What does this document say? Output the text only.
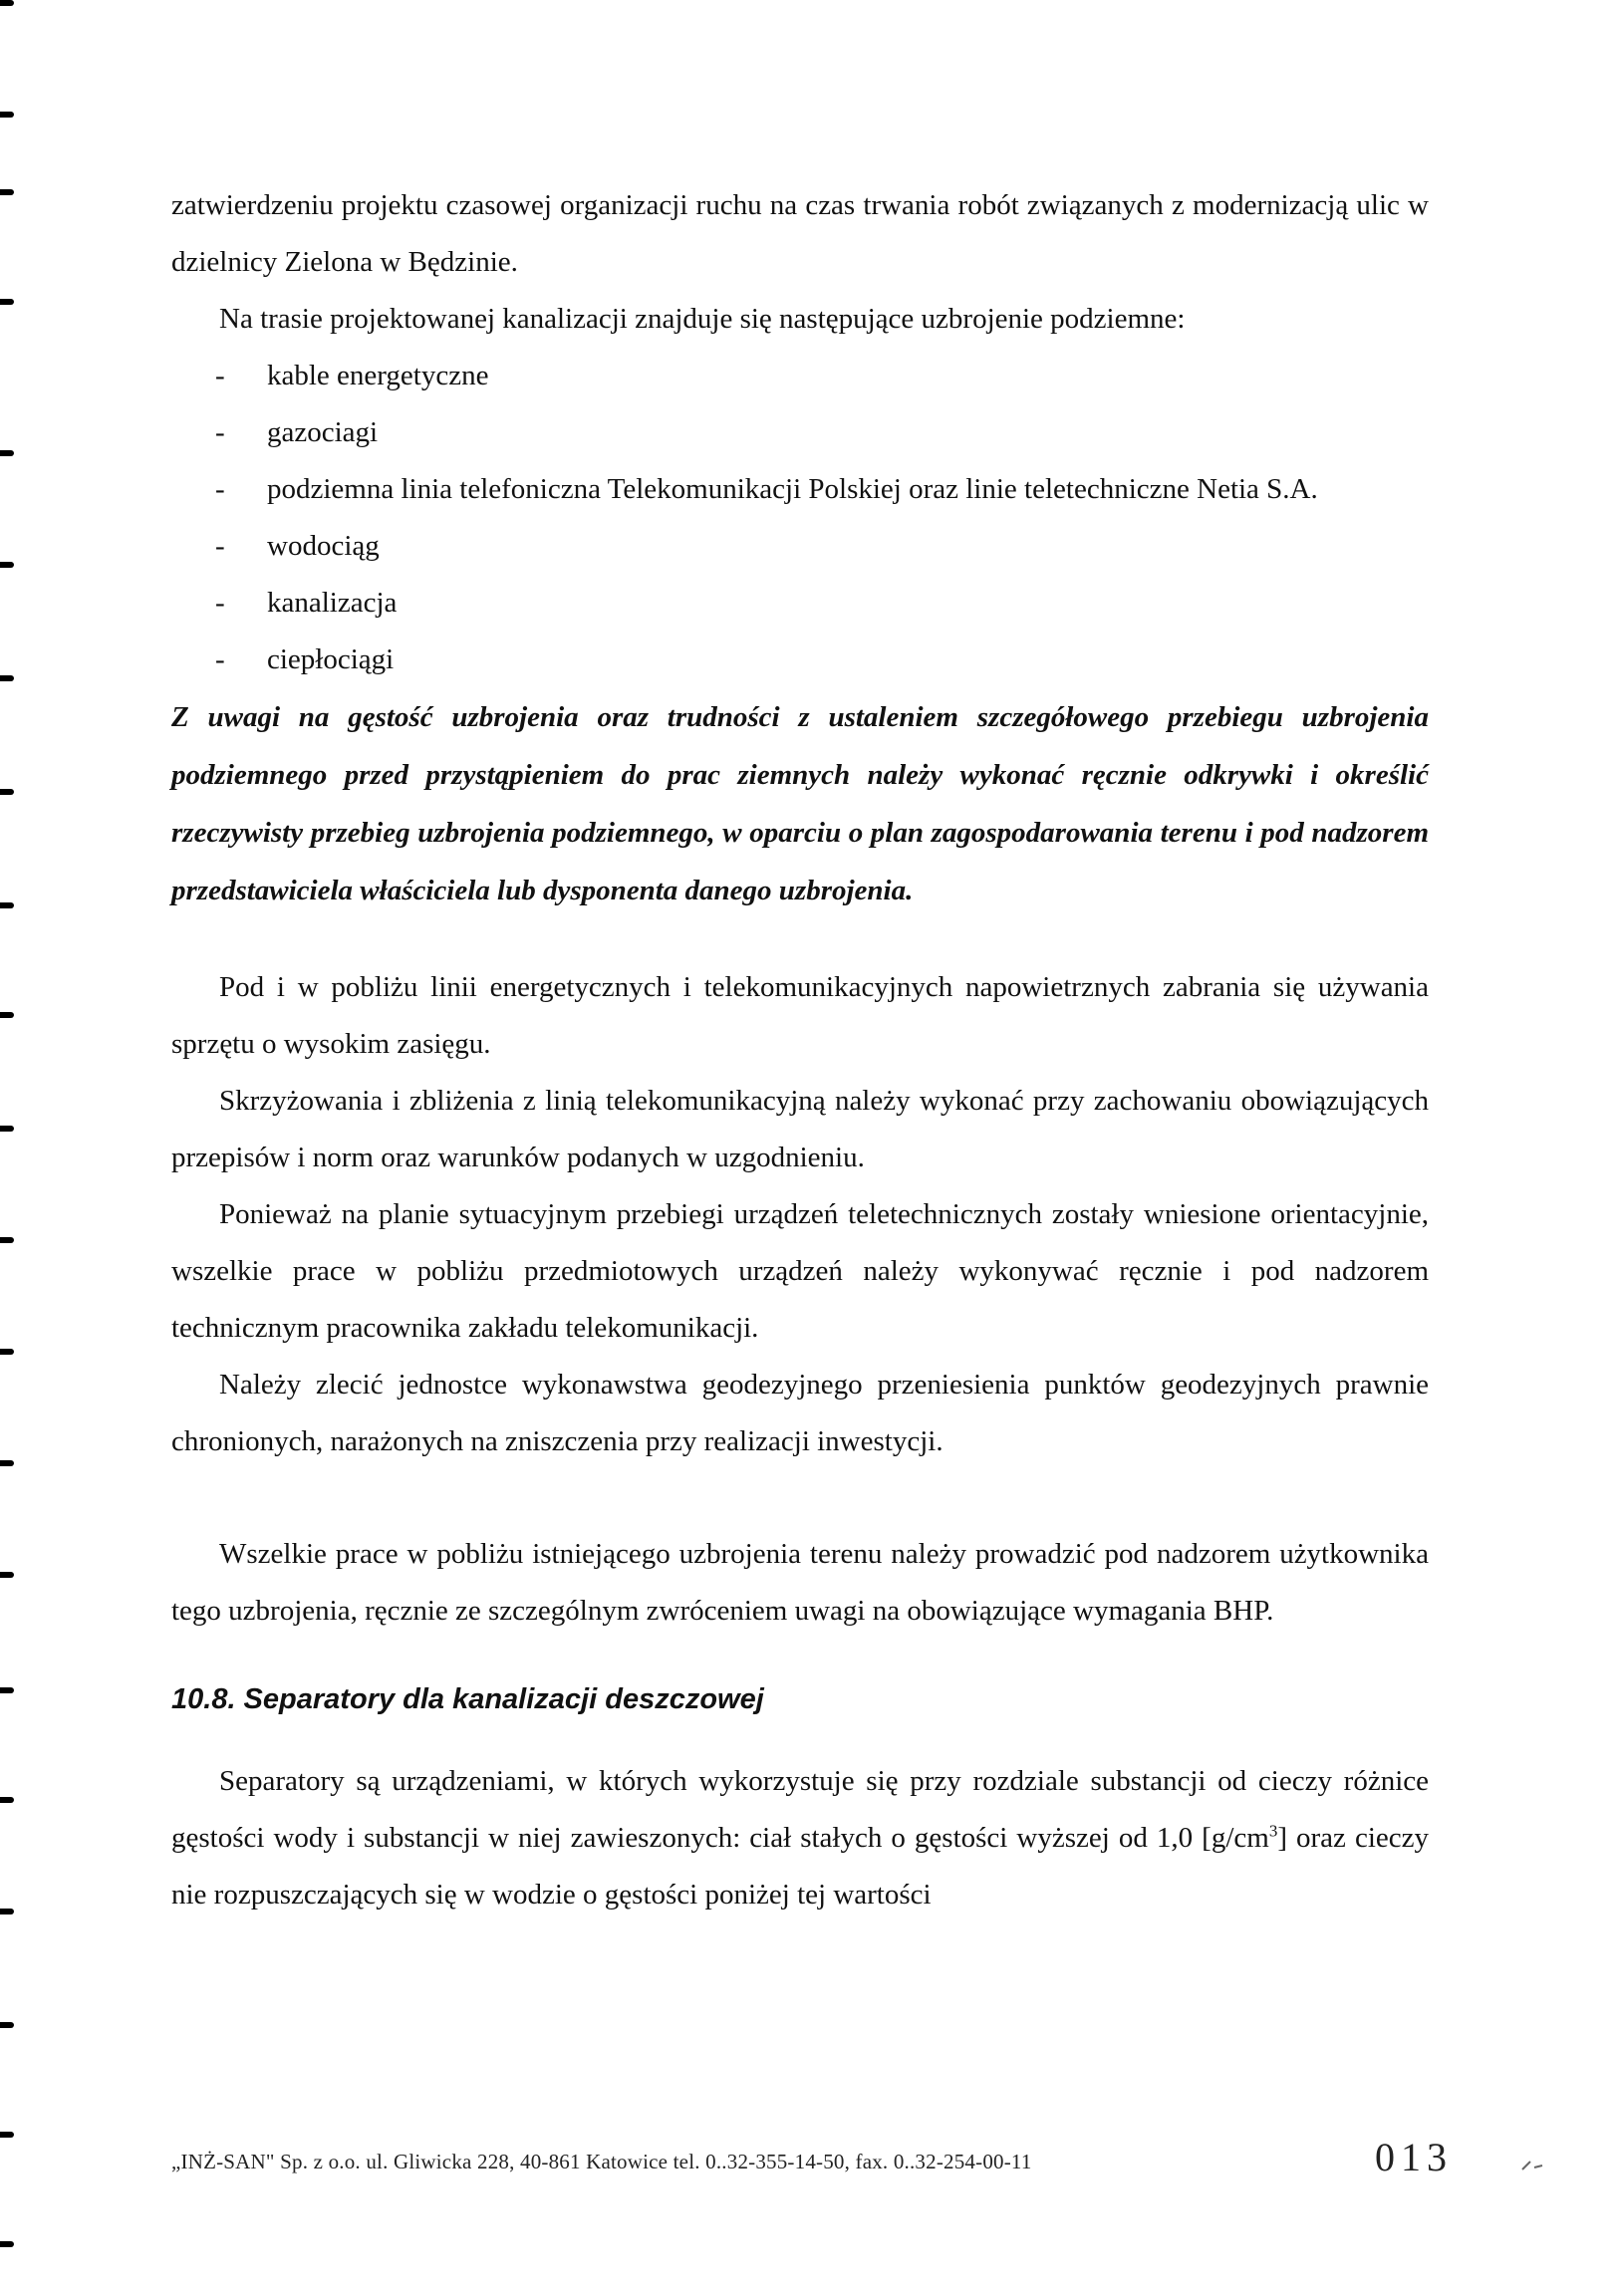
zatwierdzeniu projektu czasowej organizacji ruchu na czas trwania robót związanych z modernizacją ulic w dzielnicy Zielona w Będzinie.

Na trasie projektowanej kanalizacji znajduje się następujące uzbrojenie podziemne:

- kable energetyczne
- gazociagi
- podziemna linia telefoniczna Telekomunikacji Polskiej oraz linie teletechniczne Netia S.A.
- wodociąg
- kanalizacja
- ciepłociągi

Z uwagi na gęstość uzbrojenia oraz trudności z ustaleniem szczegółowego przebiegu uzbrojenia podziemnego przed przystąpieniem do prac ziemnych należy wykonać ręcznie odkrywki i określić rzeczywisty przebieg uzbrojenia podziemnego, w oparciu o plan zagospodarowania terenu i pod nadzorem przedstawiciela właściciela lub dysponenta danego uzbrojenia.

Pod i w pobliżu linii energetycznych i telekomunikacyjnych napowietrznych zabrania się używania sprzętu o wysokim zasięgu.

Skrzyżowania i zbliżenia z linią telekomunikacyjną należy wykonać przy zachowaniu obowiązujących przepisów i norm oraz warunków podanych w uzgodnieniu.

Ponieważ na planie sytuacyjnym przebiegi urządzeń teletechnicznych zostały wniesione orientacyjnie, wszelkie prace w pobliżu przedmiotowych urządzeń należy wykonywać ręcznie i pod nadzorem technicznym pracownika zakładu telekomunikacji.

Należy zlecić jednostce wykonawstwa geodezyjnego przeniesienia punktów geodezyjnych prawnie chronionych, narażonych na zniszczenia przy realizacji inwestycji.

Wszelkie prace w pobliżu istniejącego uzbrojenia terenu należy prowadzić pod nadzorem użytkownika tego uzbrojenia, ręcznie ze szczególnym zwróceniem uwagi na obowiązujące wymagania BHP.

10.8. Separatory dla kanalizacji deszczowej

Separatory są urządzeniami, w których wykorzystuje się przy rozdziale substancji od cieczy różnice gęstości wody i substancji w niej zawieszonych: ciał stałych o gęstości wyższej od 1,0 $[g/cm^3]$ oraz cieczy nie rozpuszczających się w wodzie o gęstości poniżej tej wartości

„INŻ-SAN" Sp. z o.o. ul. Gliwicka 228, 40-861 Katowice tel. 0..32-355-14-50, fax. 0..32-254-00-11	013
